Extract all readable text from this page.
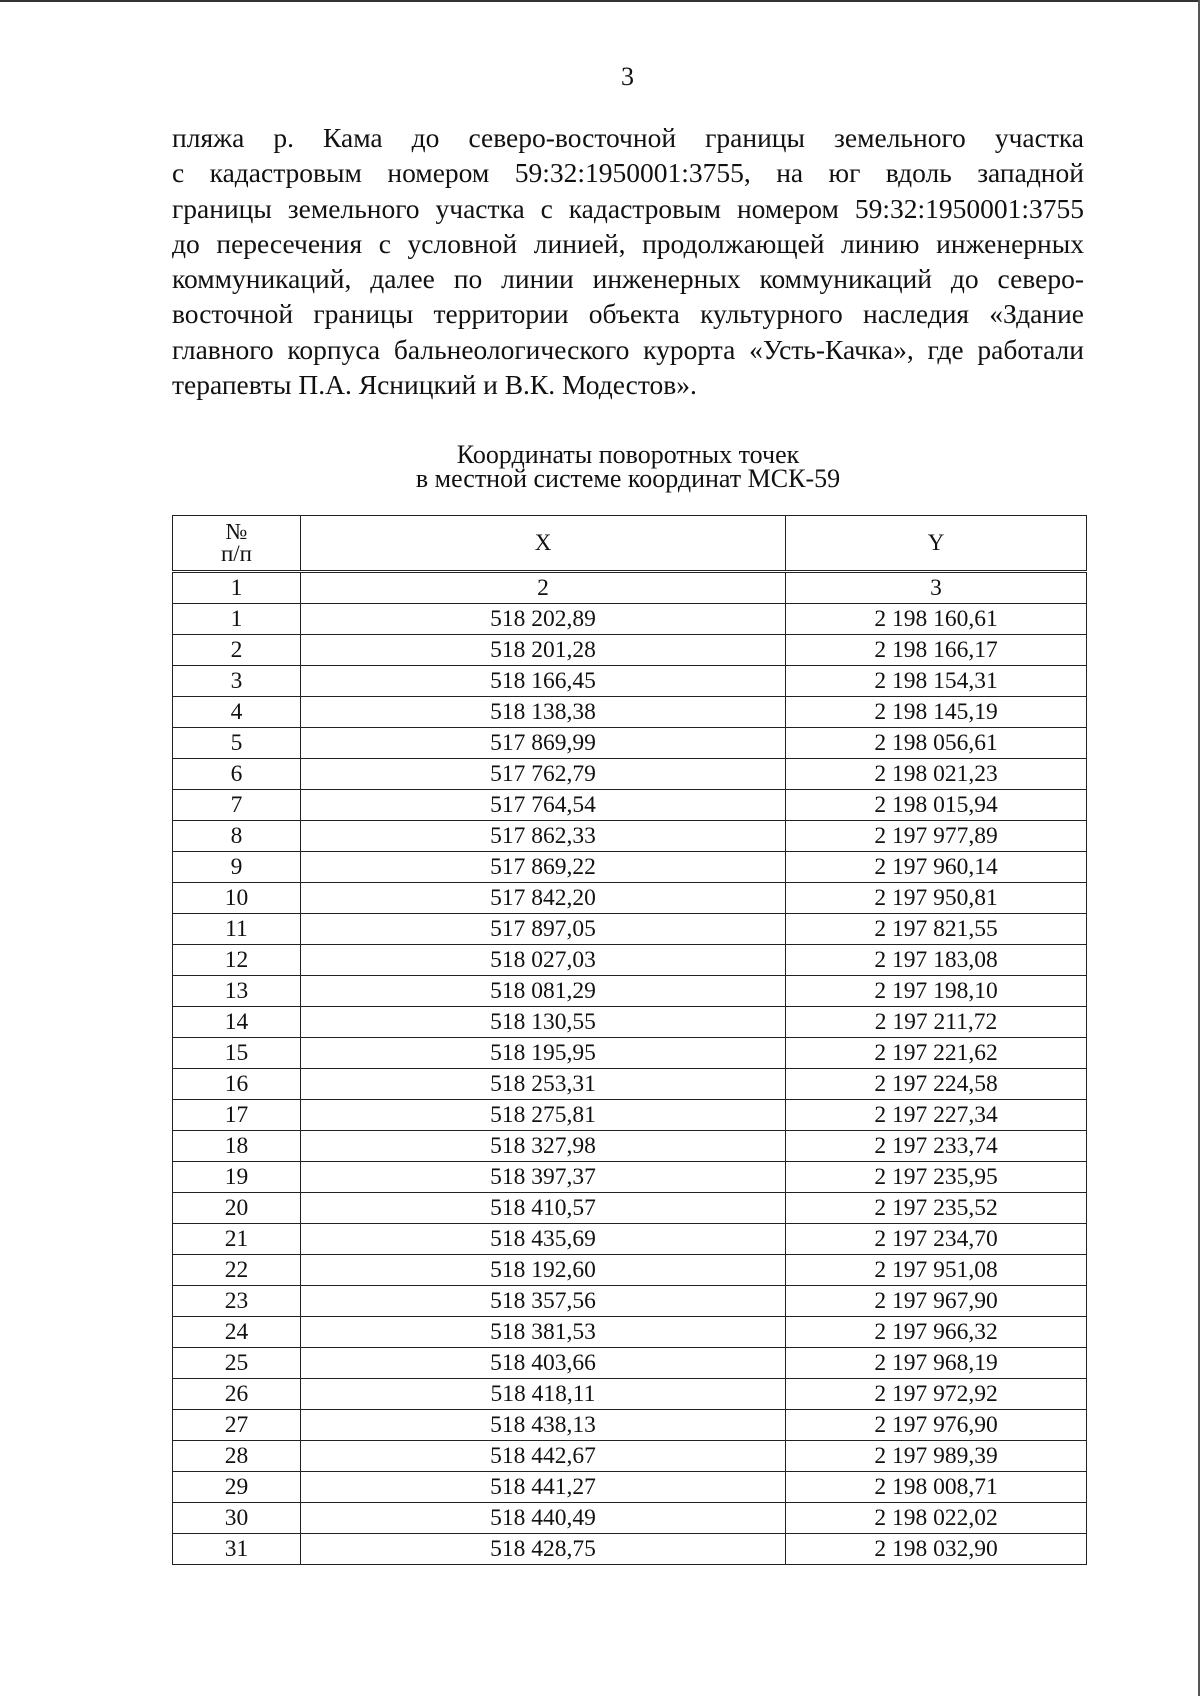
3
пляжа р. Кама до северо-восточной границы земельного участка
с кадастровым номером 59:32:1950001:3755, на юг вдоль западной
границы земельного участка с кадастровым номером 59:32:1950001:3755
до пересечения с условной линией, продолжающей линию инженерных
коммуникаций, далее по линии инженерных коммуникаций до северо-
восточной границы территории объекта культурного наследия «Здание
главного корпуса бальнеологического курорта «Усть-Качка», где работали
терапевты П.А. Ясницкий и В.К. Модестов».
Координаты поворотных точек
в местной системе координат МСК-59
№
п/п	X	Y
1	2	3
1	518 202,89	2 198 160,61
2	518 201,28	2 198 166,17
3	518 166,45	2 198 154,31
4	518 138,38	2 198 145,19
5	517 869,99	2 198 056,61
6	517 762,79	2 198 021,23
7	517 764,54	2 198 015,94
8	517 862,33	2 197 977,89
9	517 869,22	2 197 960,14
10	517 842,20	2 197 950,81
11	517 897,05	2 197 821,55
12	518 027,03	2 197 183,08
13	518 081,29	2 197 198,10
14	518 130,55	2 197 211,72
15	518 195,95	2 197 221,62
16	518 253,31	2 197 224,58
17	518 275,81	2 197 227,34
18	518 327,98	2 197 233,74
19	518 397,37	2 197 235,95
20	518 410,57	2 197 235,52
21	518 435,69	2 197 234,70
22	518 192,60	2 197 951,08
23	518 357,56	2 197 967,90
24	518 381,53	2 197 966,32
25	518 403,66	2 197 968,19
26	518 418,11	2 197 972,92
27	518 438,13	2 197 976,90
28	518 442,67	2 197 989,39
29	518 441,27	2 198 008,71
30	518 440,49	2 198 022,02
31	518 428,75	2 198 032,90
